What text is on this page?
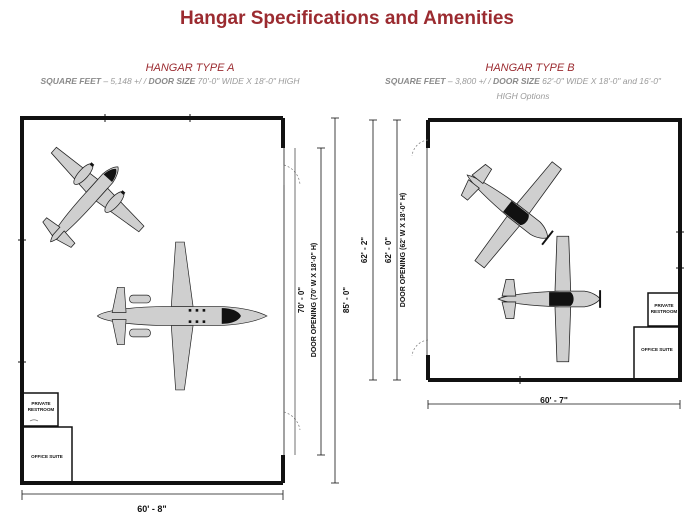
Hangar Specifications and Amenities
HANGAR TYPE A
SQUARE FEET – 5,148 +/ / DOOR SIZE 70'-0" WIDE X 18'-0" HIGH
HANGAR TYPE B
SQUARE FEET – 3,800 +/ / DOOR SIZE 62'-0" WIDE X 18'-0" and 16'-0"
HIGH Options
60' - 8"
85' - 0"
70' - 0" DOOR OPENING (70' W X 18'-0" H)
PRIVATE
RESTROOM
OFFICE SUITE
60' - 7"
62' - 2" 62' - 0" DOOR OPENING (62' W X 18'-0" H)	PRIVATE
RESTROOM
OFFICE SUITE
